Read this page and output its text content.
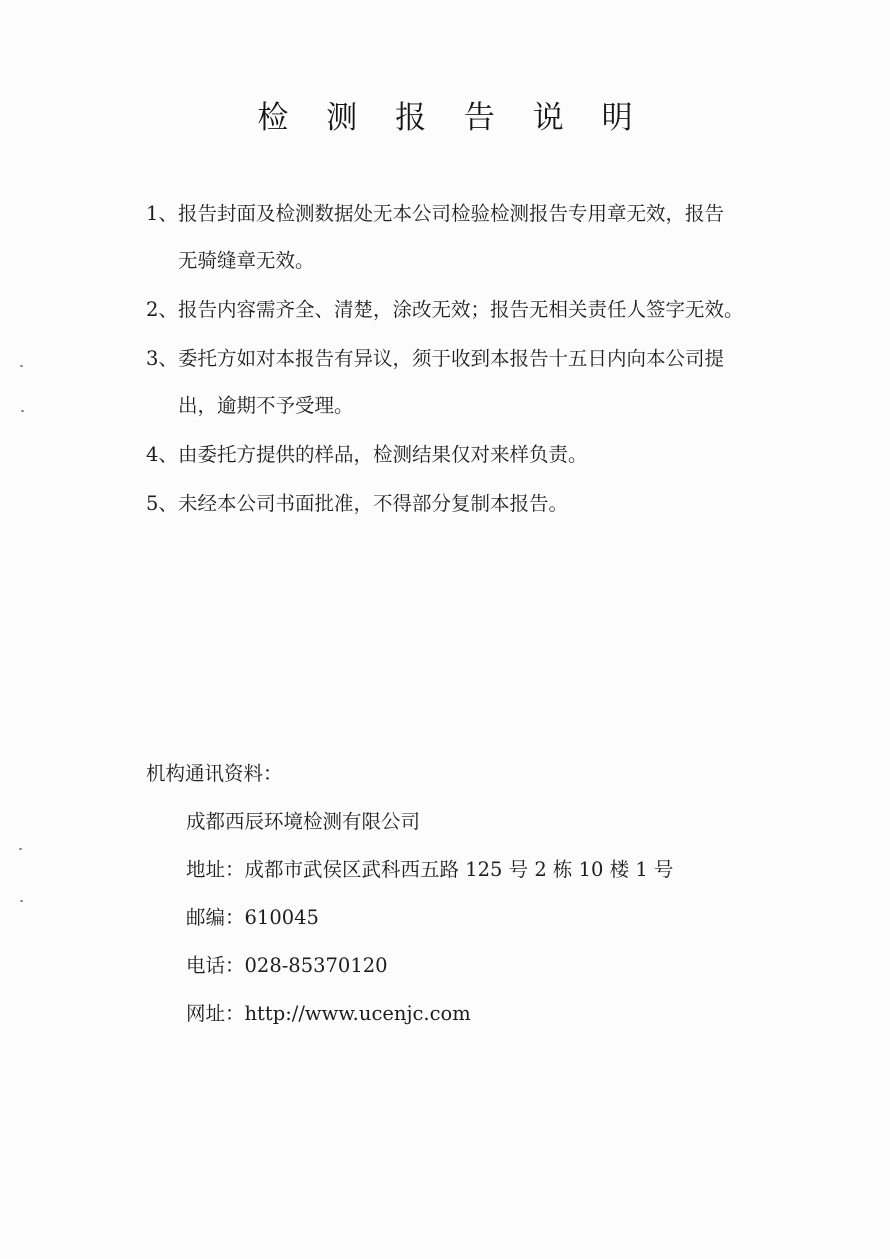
检 测 报 告 说 明
1、 报告封面及检测数据处无本公司检验检测报告专用章无效，报告
无骑缝章无效。
2、 报告内容需齐全、清楚，涂改无效；报告无相关责任人签字无效。
3、 委托方如对本报告有异议，须于收到本报告十五日内向本公司提
出，逾期不予受理。
4、 由委托方提供的样品，检测结果仅对来样负责。
5、 未经本公司书面批准，不得部分复制本报告。
机构通讯资料：
成都西辰环境检测有限公司
地址：成都市武侯区武科西五路 125 号 2 栋 10 楼 1 号
邮编：610045
电话：028-85370120
网址：http://www.ucenjc.com
